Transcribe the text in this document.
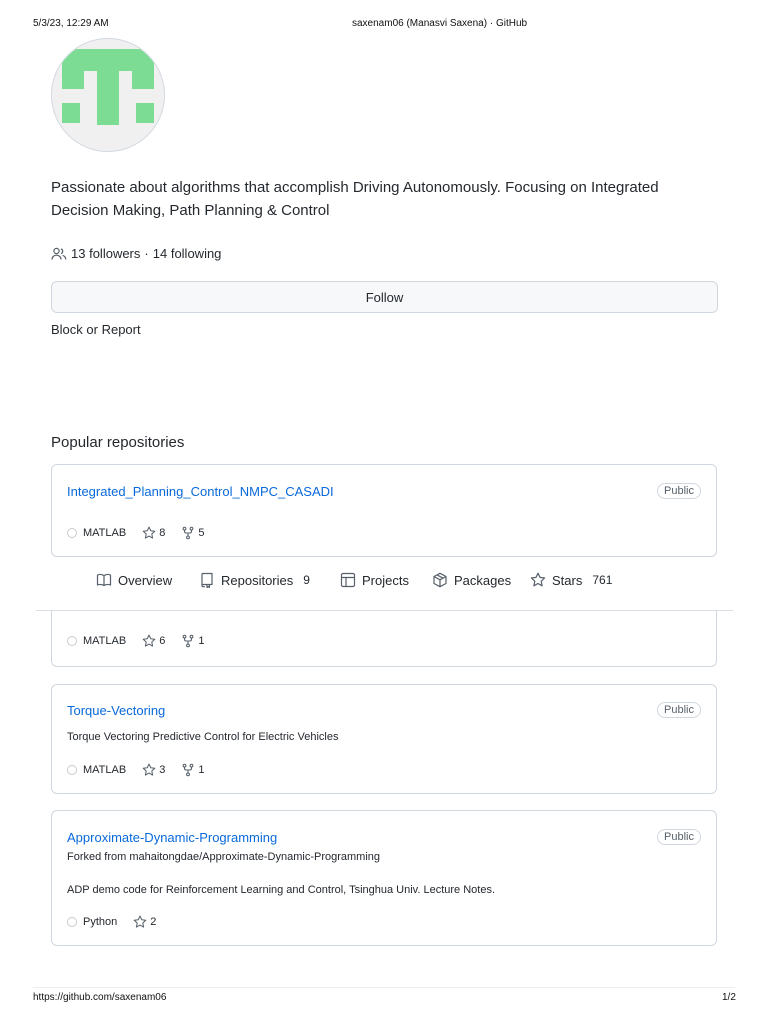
5/3/23, 12:29 AM	saxenam06 (Manasvi Saxena) · GitHub
Passionate about algorithms that accomplish Driving Autonomously. Focusing on Integrated Decision Making, Path Planning & Control
13 followers · 14 following
Follow
Block or Report
Popular repositories
Integrated_Planning_Control_NMPC_CASADI	Public
MATLAB	8	5
Overview	Repositories 9	Projects	Packages	Stars 761
MATLAB	6	1
Torque-Vectoring	Public
Torque Vectoring Predictive Control for Electric Vehicles
MATLAB	3	1
Approximate-Dynamic-Programming	Public
Forked from mahaitongdae/Approximate-Dynamic-Programming
ADP demo code for Reinforcement Learning and Control, Tsinghua Univ. Lecture Notes.
Python	2
https://github.com/saxenam06	1/2
